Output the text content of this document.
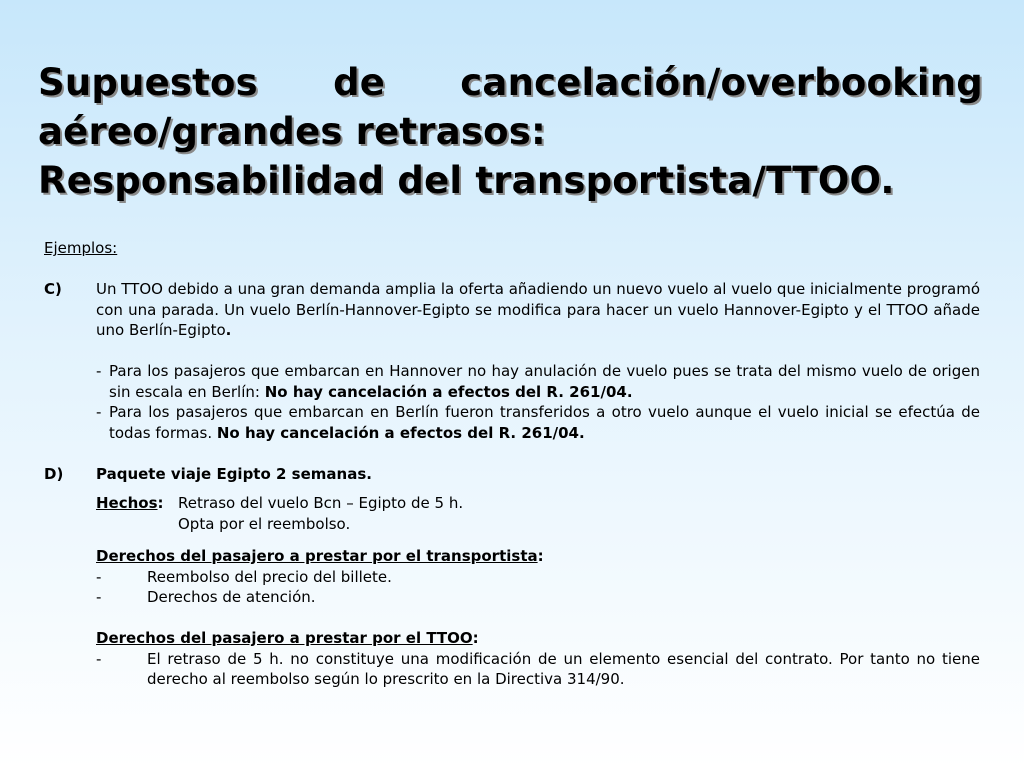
Supuestos de cancelación/overbooking
aéreo/grandes retrasos:
Responsabilidad del transportista/TTOO.
Ejemplos:
C)	Un TTOO debido a una gran demanda amplia la oferta añadiendo un nuevo vuelo al vuelo que inicialmente programó con una parada. Un vuelo Berlín-Hannover-Egipto se modifica para hacer un vuelo Hannover-Egipto y el TTOO añade uno Berlín-Egipto.
- Para los pasajeros que embarcan en Hannover no hay anulación de vuelo pues se trata del mismo vuelo de origen sin escala en Berlín: No hay cancelación a efectos del R. 261/04.
- Para los pasajeros que embarcan en Berlín fueron transferidos a otro vuelo aunque el vuelo inicial se efectúa de todas formas. No hay cancelación a efectos del R. 261/04.
D)	Paquete viaje Egipto 2 semanas.
Hechos: Retraso del vuelo Bcn – Egipto de 5 h.
Opta por el reembolso.
Derechos del pasajero a prestar por el transportista:
-	Reembolso del precio del billete.
-	Derechos de atención.
Derechos del pasajero a prestar por el TTOO:
-	El retraso de 5 h. no constituye una modificación de un elemento esencial del contrato. Por tanto no tiene derecho al reembolso según lo prescrito en la Directiva 314/90.
